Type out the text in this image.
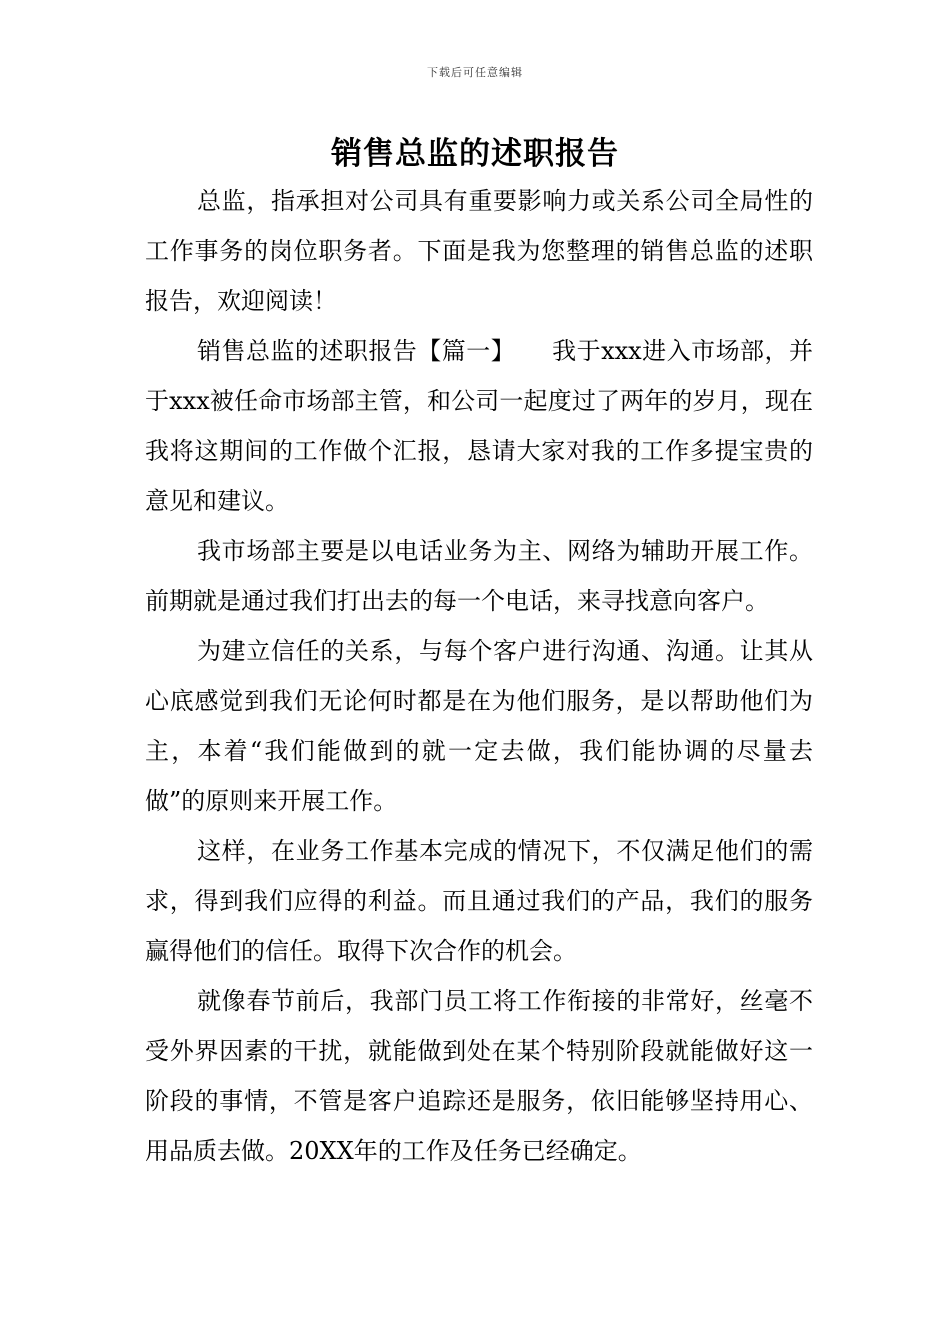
下载后可任意编辑
销售总监的述职报告

总监，指承担对公司具有重要影响力或关系公司全局性的工作事务的岗位职务者。下面是我为您整理的销售总监的述职报告，欢迎阅读！

销售总监的述职报告【篇一】　　我于xxx进入市场部，并于xxx被任命市场部主管，和公司一起度过了两年的岁月，现在我将这期间的工作做个汇报，恳请大家对我的工作多提宝贵的意见和建议。

我市场部主要是以电话业务为主、网络为辅助开展工作。前期就是通过我们打出去的每一个电话，来寻找意向客户。

为建立信任的关系，与每个客户进行沟通、沟通。让其从心底感觉到我们无论何时都是在为他们服务，是以帮助他们为主，本着“我们能做到的就一定去做，我们能协调的尽量去做”的原则来开展工作。

这样，在业务工作基本完成的情况下，不仅满足他们的需求，得到我们应得的利益。而且通过我们的产品，我们的服务赢得他们的信任。取得下次合作的机会。

就像春节前后，我部门员工将工作衔接的非常好，丝毫不受外界因素的干扰，就能做到处在某个特别阶段就能做好这一阶段的事情，不管是客户追踪还是服务，依旧能够坚持用心、用品质去做。20XX年的工作及任务已经确定。
